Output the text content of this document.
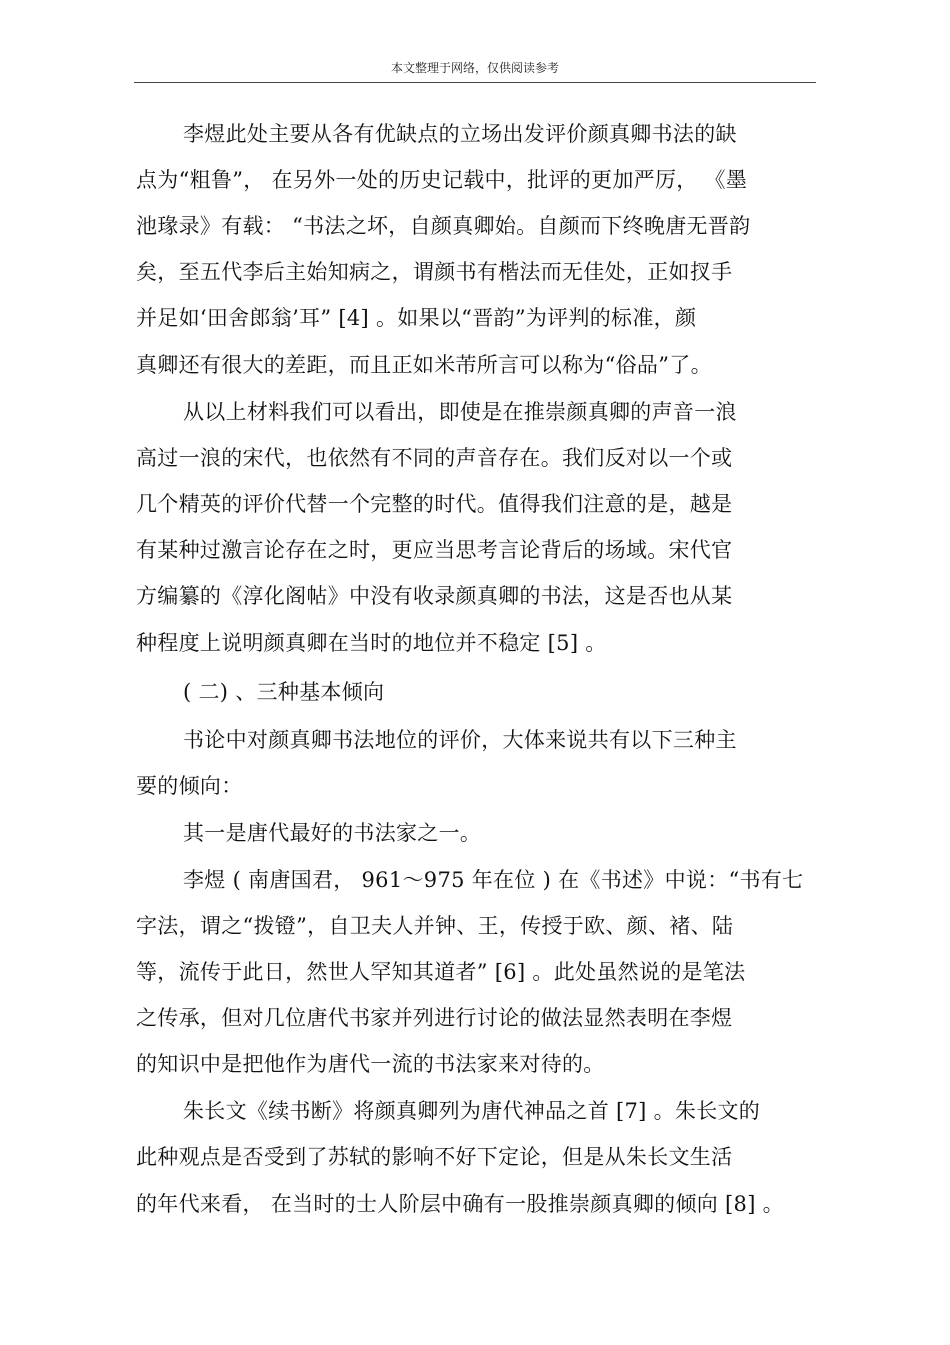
本文整理于网络，仅供阅读参考
李煜此处主要从各有优缺点的立场出发评价颜真卿书法的缺
点为“粗鲁”， 在另外一处的历史记载中，批评的更加严厉， 《墨
池瑑录》有载： “书法之坏，自颜真卿始。自颜而下终晚唐无晋韵
矣，至五代李后主始知病之，谓颜书有楷法而无佳处，正如扠手
并足如‘田舍郎翁’耳” [4] 。如果以“晋韵”为评判的标准，颜
真卿还有很大的差距，而且正如米芾所言可以称为“俗品”了。
从以上材料我们可以看出，即使是在推崇颜真卿的声音一浪
高过一浪的宋代，也依然有不同的声音存在。我们反对以一个或
几个精英的评价代替一个完整的时代。值得我们注意的是，越是
有某种过激言论存在之时，更应当思考言论背后的场域。宋代官
方编纂的《淳化阁帖》中没有收录颜真卿的书法，这是否也从某
种程度上说明颜真卿在当时的地位并不稳定 [5] 。
( 二) 、三种基本倾向
书论中对颜真卿书法地位的评价，大体来说共有以下三种主
要的倾向：
其一是唐代最好的书法家之一。
李煜 ( 南唐国君， 961～975 年在位 ) 在《书述》中说：“书有七
字法，谓之“拨镫”，自卫夫人并钟、王，传授于欧、颜、褚、陆
等，流传于此日，然世人罕知其道者” [6] 。此处虽然说的是笔法
之传承，但对几位唐代书家并列进行讨论的做法显然表明在李煜
的知识中是把他作为唐代一流的书法家来对待的。
朱长文《续书断》将颜真卿列为唐代神品之首 [7] 。朱长文的
此种观点是否受到了苏轼的影响不好下定论，但是从朱长文生活
的年代来看， 在当时的士人阶层中确有一股推崇颜真卿的倾向 [8] 。
